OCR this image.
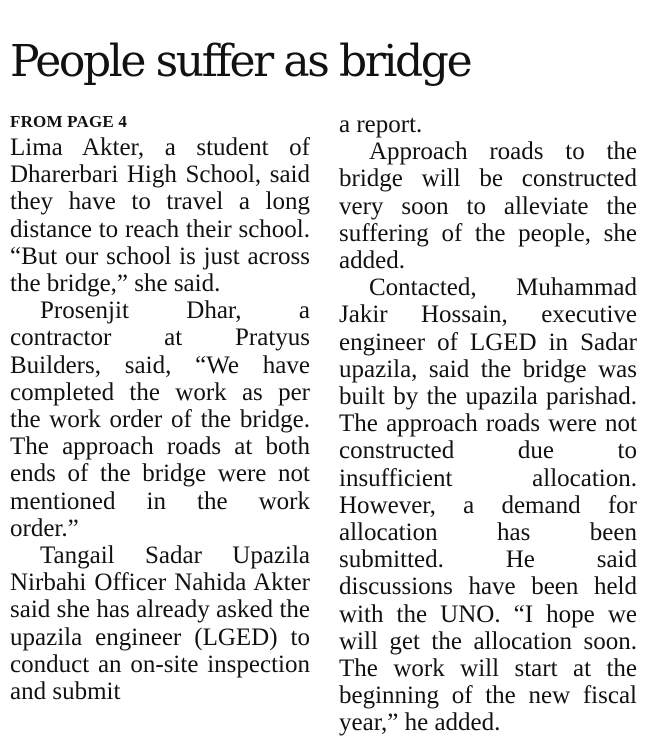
People suffer as bridge
FROM PAGE 4

Lima Akter, a student of Dharerbari High School, said they have to travel a long distance to reach their school. “But our school is just across the bridge,” she said.

Prosenjit Dhar, a contractor at Pratyus Builders, said, “We have completed the work as per the work order of the bridge. The approach roads at both ends of the bridge were not mentioned in the work order.”

Tangail Sadar Upazila Nirbahi Officer Nahida Akter said she has already asked the upazila engineer (LGED) to conduct an on-site inspection and submit

a report.

Approach roads to the bridge will be constructed very soon to alleviate the suffering of the people, she added.

Contacted, Muhammad Jakir Hossain, executive engineer of LGED in Sadar upazila, said the bridge was built by the upazila parishad. The approach roads were not constructed due to insufficient allocation. However, a demand for allocation has been submitted. He said discussions have been held with the UNO. “I hope we will get the allocation soon. The work will start at the beginning of the new fiscal year,” he added.
